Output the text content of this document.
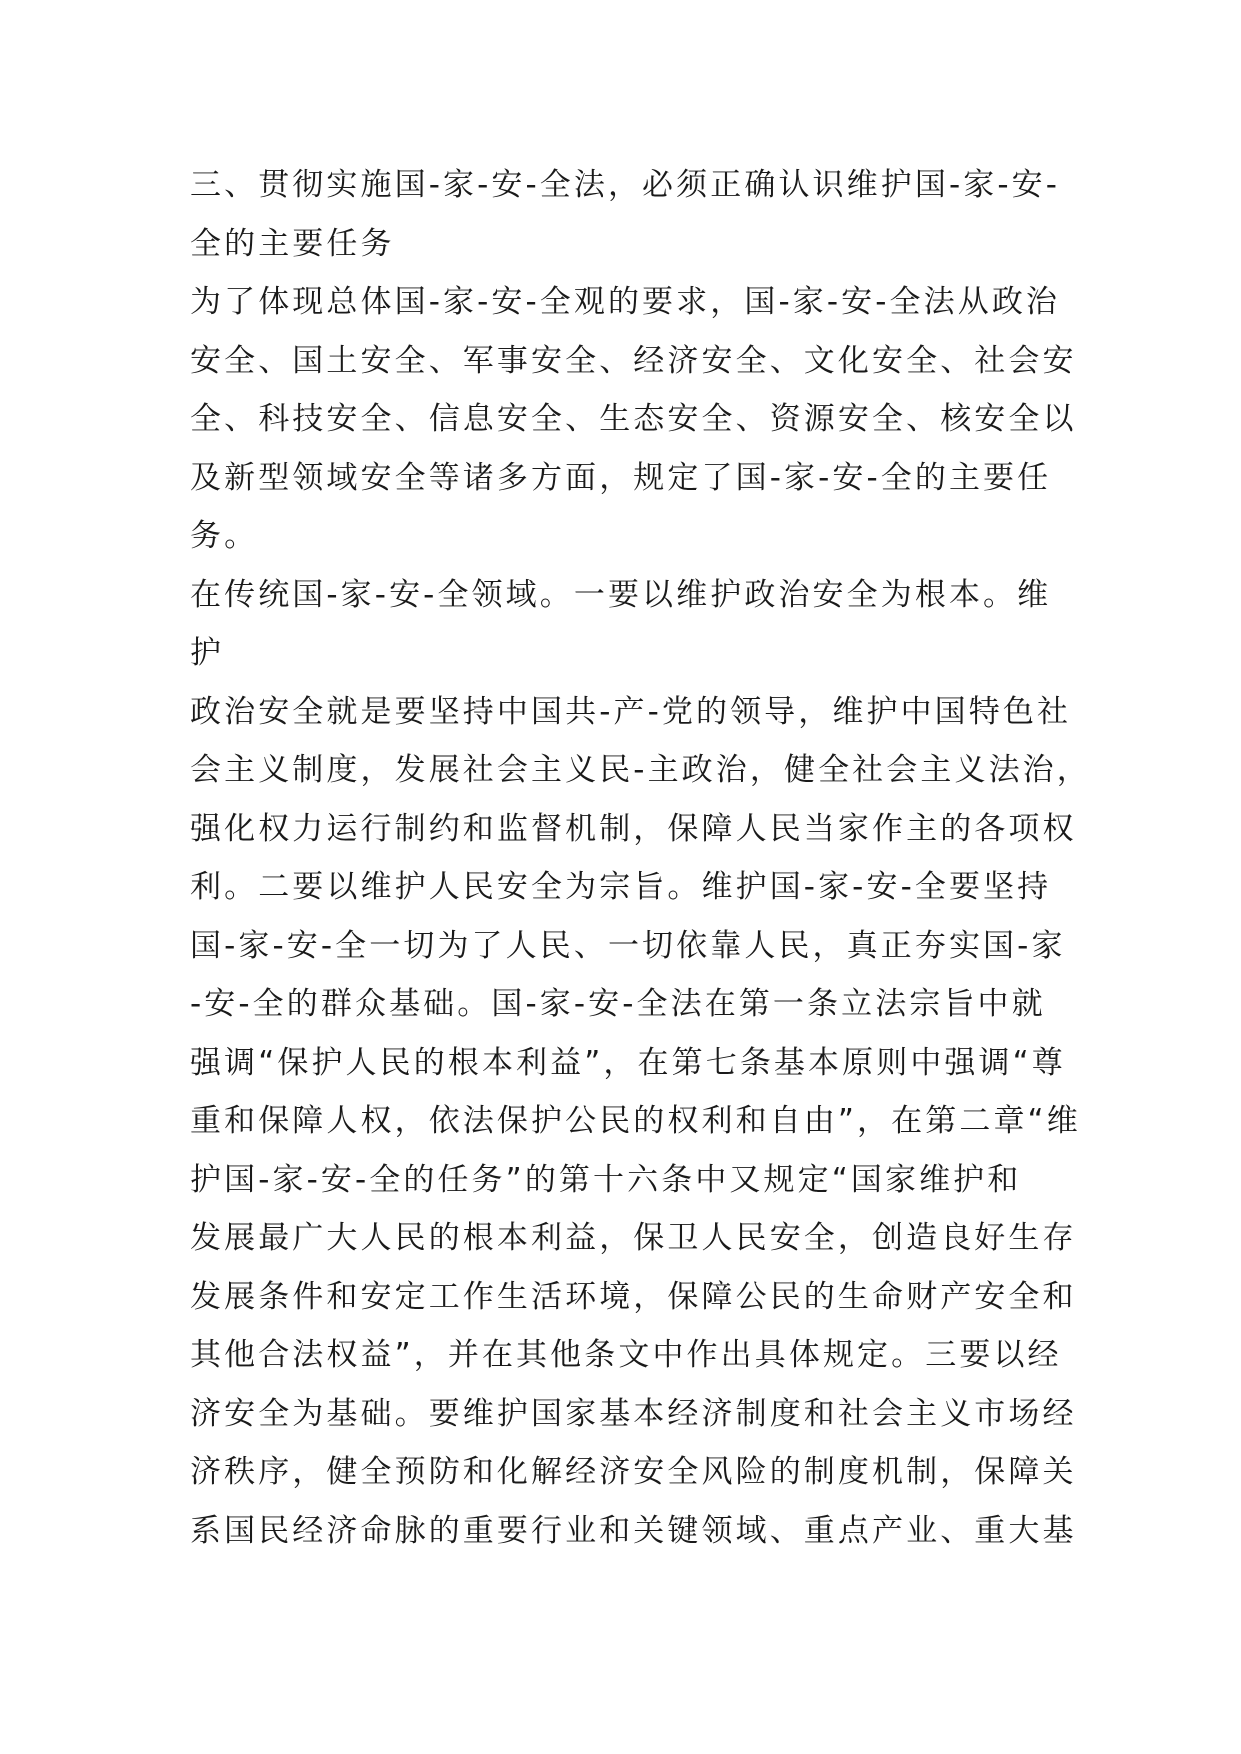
三、贯彻实施国-家-安-全法，必须正确认识维护国-家-安-
全的主要任务
为了体现总体国-家-安-全观的要求，国-家-安-全法从政治
安全、国土安全、军事安全、经济安全、文化安全、社会安
全、科技安全、信息安全、生态安全、资源安全、核安全以
及新型领域安全等诸多方面，规定了国-家-安-全的主要任
务。
在传统国-家-安-全领域。一要以维护政治安全为根本。维
护
政治安全就是要坚持中国共-产-党的领导，维护中国特色社
会主义制度，发展社会主义民-主政治，健全社会主义法治，
强化权力运行制约和监督机制，保障人民当家作主的各项权
利。二要以维护人民安全为宗旨。维护国-家-安-全要坚持
国-家-安-全一切为了人民、一切依靠人民，真正夯实国-家
-安-全的群众基础。国-家-安-全法在第一条立法宗旨中就
强调“保护人民的根本利益”，在第七条基本原则中强调“尊
重和保障人权，依法保护公民的权利和自由”，在第二章“维
护国-家-安-全的任务”的第十六条中又规定“国家维护和
发展最广大人民的根本利益，保卫人民安全，创造良好生存
发展条件和安定工作生活环境，保障公民的生命财产安全和
其他合法权益”，并在其他条文中作出具体规定。三要以经
济安全为基础。要维护国家基本经济制度和社会主义市场经
济秩序，健全预防和化解经济安全风险的制度机制，保障关
系国民经济命脉的重要行业和关键领域、重点产业、重大基
